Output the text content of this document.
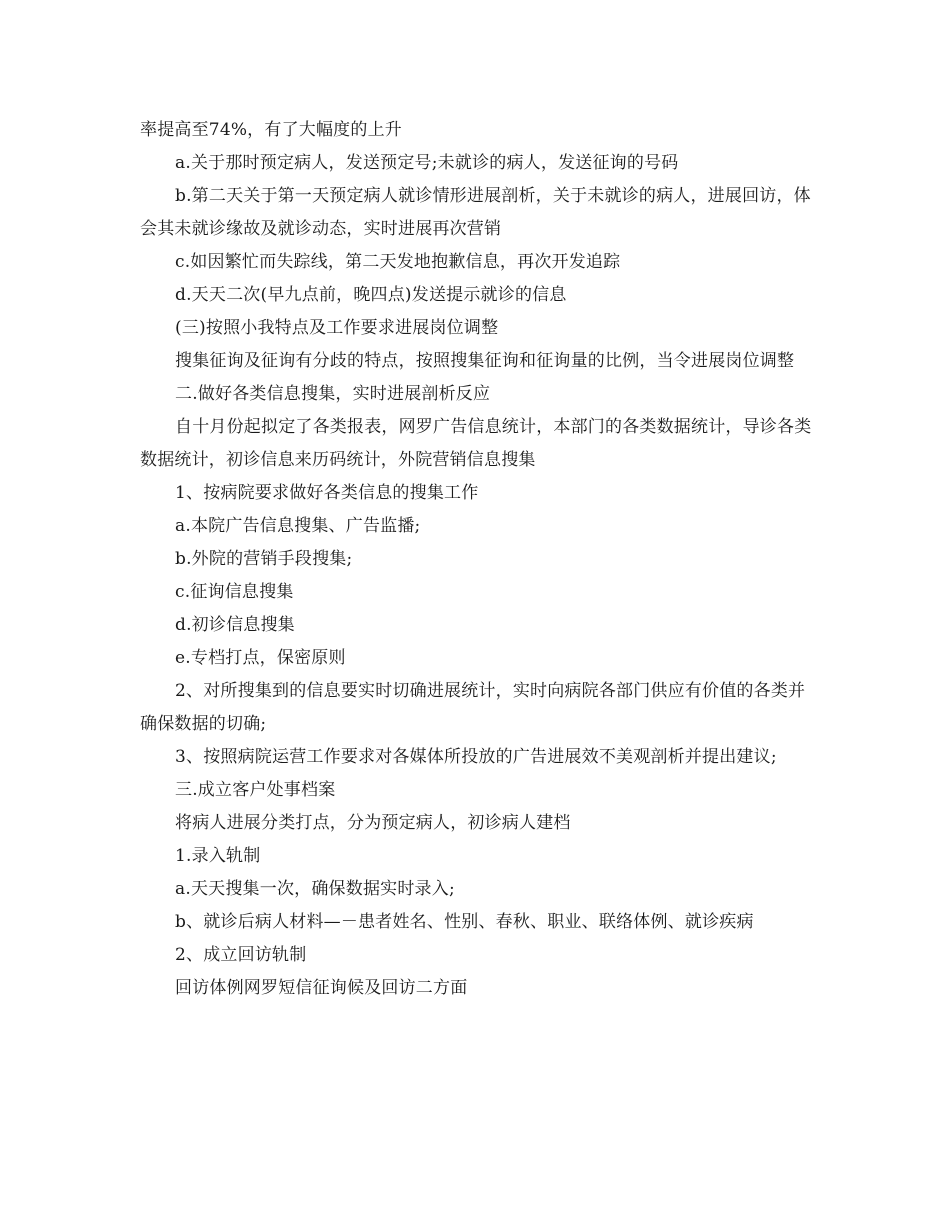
率提高至74%，有了大幅度的上升

a.关于那时预定病人，发送预定号;未就诊的病人，发送征询的号码

b.第二天关于第一天预定病人就诊情形进展剖析，关于未就诊的病人，进展回访，体会其未就诊缘故及就诊动态，实时进展再次营销

c.如因繁忙而失踪线，第二天发地抱歉信息，再次开发追踪

d.天天二次(早九点前，晚四点)发送提示就诊的信息

(三)按照小我特点及工作要求进展岗位调整

搜集征询及征询有分歧的特点，按照搜集征询和征询量的比例，当令进展岗位调整

二.做好各类信息搜集，实时进展剖析反应

自十月份起拟定了各类报表，网罗广告信息统计，本部门的各类数据统计，导诊各类数据统计，初诊信息来历码统计，外院营销信息搜集

1、按病院要求做好各类信息的搜集工作

a.本院广告信息搜集、广告监播;

b.外院的营销手段搜集;

c.征询信息搜集

d.初诊信息搜集

e.专档打点，保密原则

2、对所搜集到的信息要实时切确进展统计，实时向病院各部门供应有价值的各类并确保数据的切确;

3、按照病院运营工作要求对各媒体所投放的广告进展效不美观剖析并提出建议;

三.成立客户处事档案

将病人进展分类打点，分为预定病人，初诊病人建档

1.录入轨制

a.天天搜集一次，确保数据实时录入;

b、就诊后病人材料—－患者姓名、性别、春秋、职业、联络体例、就诊疾病

2、成立回访轨制

回访体例网罗短信征询候及回访二方面
